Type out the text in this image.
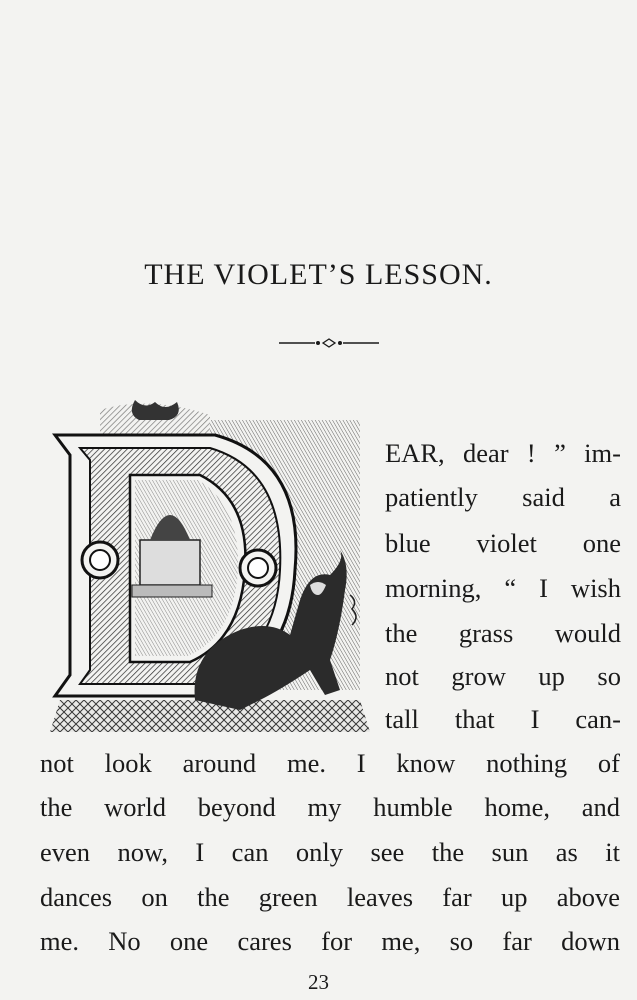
THE VIOLET’S LESSON.
EAR, dear ! ” im-
patiently said a
blue violet one
morning, “ I wish
the grass would
not grow up so
tall that I can-
not look around me. I know nothing of
the world beyond my humble home, and
even now, I can only see the sun as it
dances on the green leaves far up above
me. No one cares for me, so far down
23
